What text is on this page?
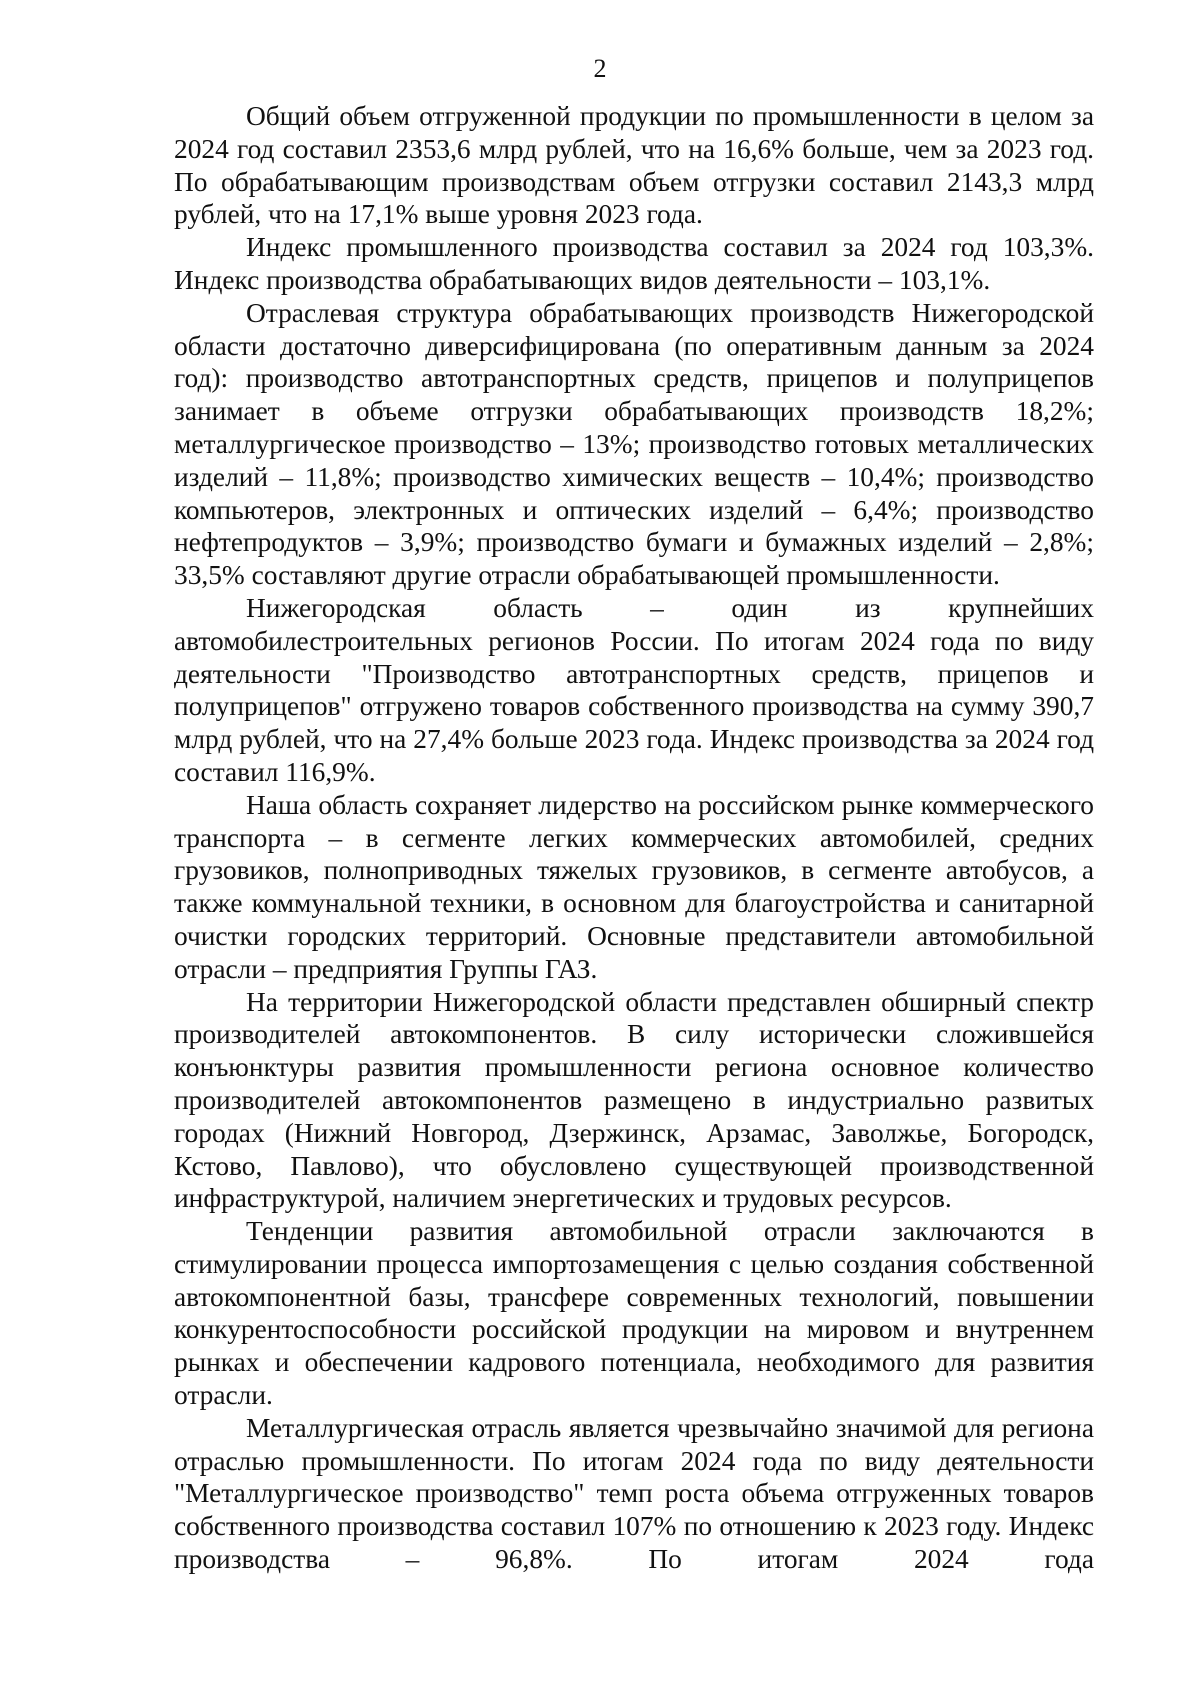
2

Общий объем отгруженной продукции по промышленности в целом за 2024 год составил 2353,6 млрд рублей, что на 16,6% больше, чем за 2023 год. По обрабатывающим производствам объем отгрузки составил 2143,3 млрд рублей, что на 17,1% выше уровня 2023 года.

Индекс промышленного производства составил за 2024 год 103,3%. Индекс производства обрабатывающих видов деятельности – 103,1%.

Отраслевая структура обрабатывающих производств Нижегородской области достаточно диверсифицирована (по оперативным данным за 2024 год): производство автотранспортных средств, прицепов и полуприцепов занимает в объеме отгрузки обрабатывающих производств 18,2%; металлургическое производство – 13%; производство готовых металлических изделий – 11,8%; производство химических веществ – 10,4%; производство компьютеров, электронных и оптических изделий – 6,4%; производство нефтепродуктов – 3,9%; производство бумаги и бумажных изделий – 2,8%; 33,5% составляют другие отрасли обрабатывающей промышленности.

Нижегородская область – один из крупнейших автомобилестроительных регионов России. По итогам 2024 года по виду деятельности "Производство автотранспортных средств, прицепов и полуприцепов" отгружено товаров собственного производства на сумму 390,7 млрд рублей, что на 27,4% больше 2023 года. Индекс производства за 2024 год составил 116,9%.

Наша область сохраняет лидерство на российском рынке коммерческого транспорта – в сегменте легких коммерческих автомобилей, средних грузовиков, полноприводных тяжелых грузовиков, в сегменте автобусов, а также коммунальной техники, в основном для благоустройства и санитарной очистки городских территорий. Основные представители автомобильной отрасли – предприятия Группы ГАЗ.

На территории Нижегородской области представлен обширный спектр производителей автокомпонентов. В силу исторически сложившейся конъюнктуры развития промышленности региона основное количество производителей автокомпонентов размещено в индустриально развитых городах (Нижний Новгород, Дзержинск, Арзамас, Заволжье, Богородск, Кстово, Павлово), что обусловлено существующей производственной инфраструктурой, наличием энергетических и трудовых ресурсов.

Тенденции развития автомобильной отрасли заключаются в стимулировании процесса импортозамещения с целью создания собственной автокомпонентной базы, трансфере современных технологий, повышении конкурентоспособности российской продукции на мировом и внутреннем рынках и обеспечении кадрового потенциала, необходимого для развития отрасли.

Металлургическая отрасль является чрезвычайно значимой для региона отраслью промышленности. По итогам 2024 года по виду деятельности "Металлургическое производство" темп роста объема отгруженных товаров собственного производства составил 107% по отношению к 2023 году. Индекс производства – 96,8%. По итогам 2024 года
